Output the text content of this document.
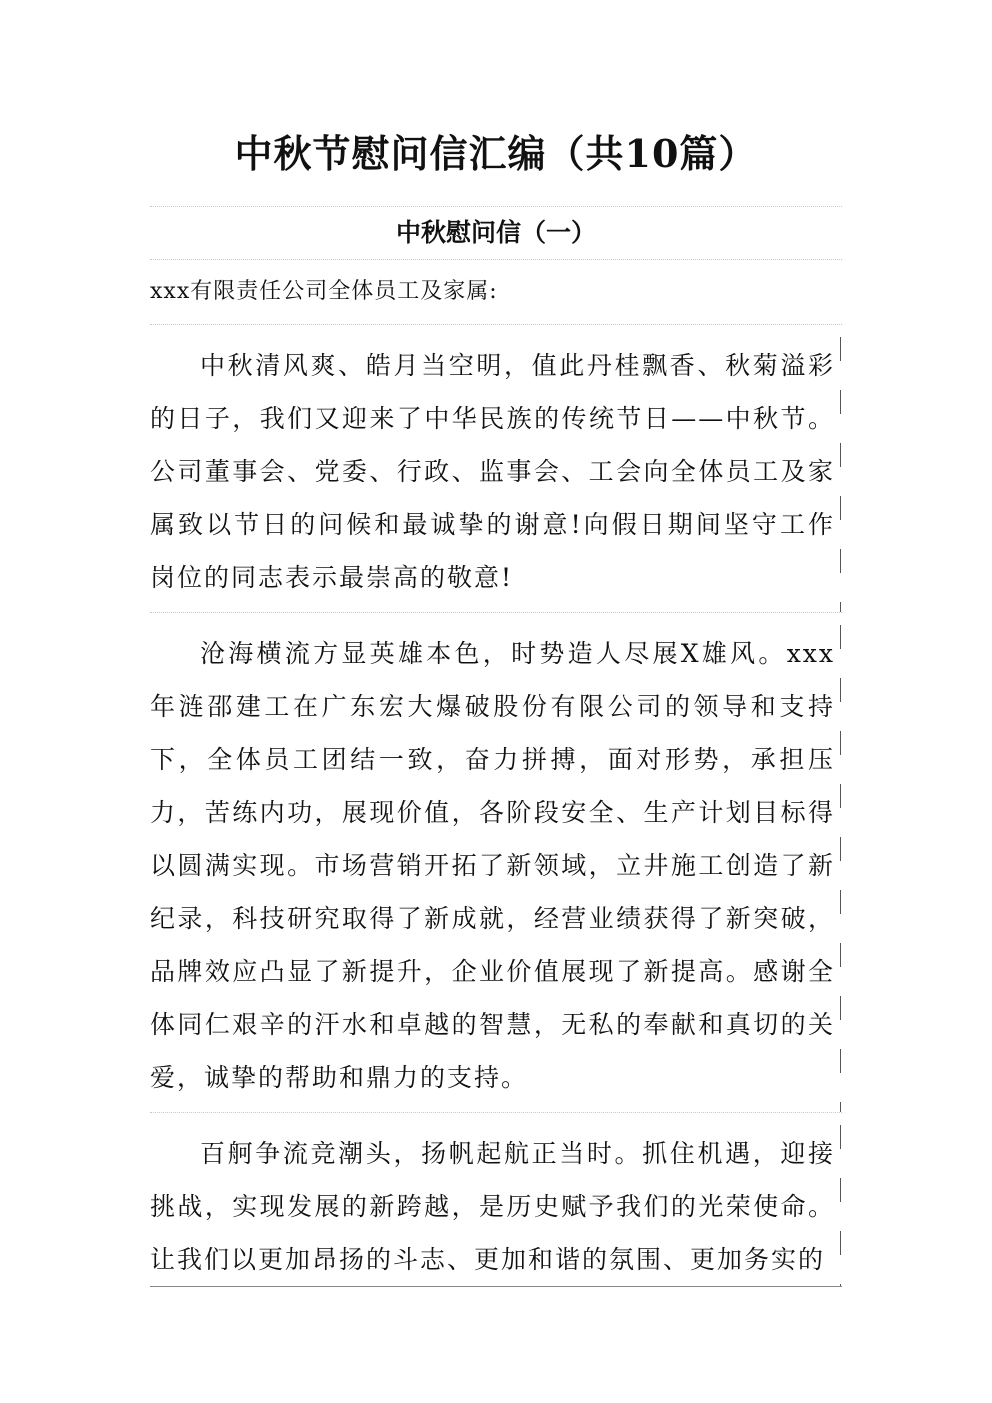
中秋节慰问信汇编（共10篇）
中秋慰问信（一）
xxx有限责任公司全体员工及家属:
中秋清风爽、皓月当空明，值此丹桂飘香、秋菊溢彩的日子，我们又迎来了中华民族的传统节日——中秋节。公司董事会、党委、行政、监事会、工会向全体员工及家属致以节日的问候和最诚挚的谢意!向假日期间坚守工作岗位的同志表示最崇高的敬意!
沧海横流方显英雄本色，时势造人尽展X雄风。xxx年涟邵建工在广东宏大爆破股份有限公司的领导和支持下，全体员工团结一致，奋力拼搏，面对形势，承担压力，苦练内功，展现价值，各阶段安全、生产计划目标得以圆满实现。市场营销开拓了新领域，立井施工创造了新纪录，科技研究取得了新成就，经营业绩获得了新突破，品牌效应凸显了新提升，企业价值展现了新提高。感谢全体同仁艰辛的汗水和卓越的智慧，无私的奉献和真切的关爱，诚挚的帮助和鼎力的支持。
百舸争流竞潮头，扬帆起航正当时。抓住机遇，迎接挑战，实现发展的新跨越，是历史赋予我们的光荣使命。让我们以更加昂扬的斗志、更加和谐的氛围、更加务实的
